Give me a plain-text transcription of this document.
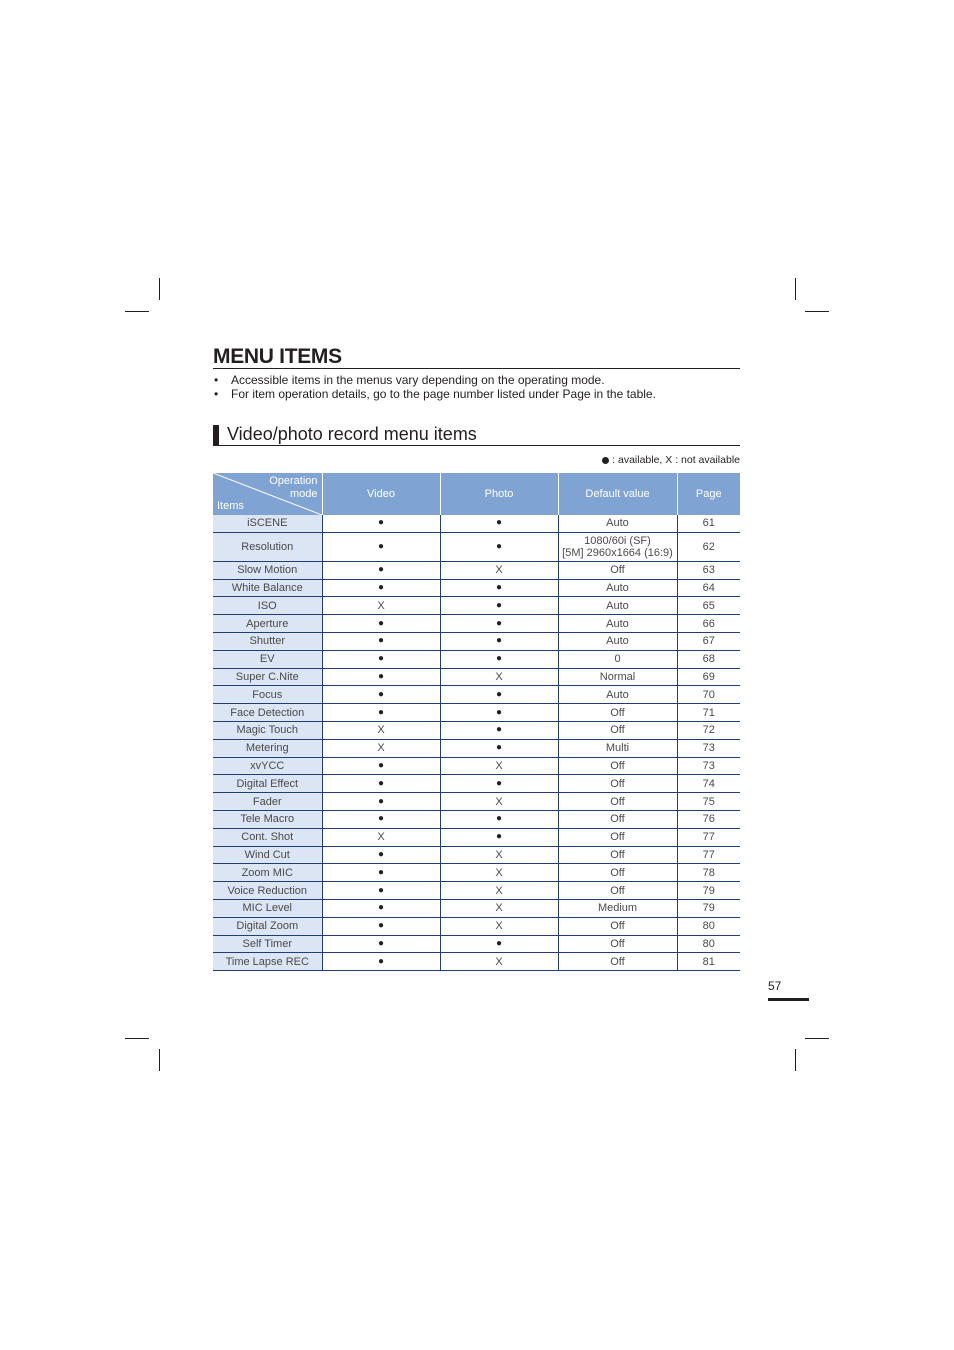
MENU ITEMS
• Accessible items in the menus vary depending on the operating mode.
• For item operation details, go to the page number listed under Page in the table.
Video/photo record menu items
: available, X : not available
Operation
mode
Items	Video	Photo	Default value	Page
iSCENE	●	●	Auto	61
Resolution	●	●	1080/60i (SF)
[5M] 2960x1664 (16:9)	62
Slow Motion	●	X	Off	63
White Balance	●	●	Auto	64
ISO	X	●	Auto	65
Aperture	●	●	Auto	66
Shutter	●	●	Auto	67
EV	●	●	0	68
Super C.Nite	●	X	Normal	69
Focus	●	●	Auto	70
Face Detection	●	●	Off	71
Magic Touch	X	●	Off	72
Metering	X	●	Multi	73
xvYCC	●	X	Off	73
Digital Effect	●	●	Off	74
Fader	●	X	Off	75
Tele Macro	●	●	Off	76
Cont. Shot	X	●	Off	77
Wind Cut	●	X	Off	77
Zoom MIC	●	X	Off	78
Voice Reduction	●	X	Off	79
MIC Level	●	X	Medium	79
Digital Zoom	●	X	Off	80
Self Timer	●	●	Off	80
Time Lapse REC	●	X	Off	81
57
